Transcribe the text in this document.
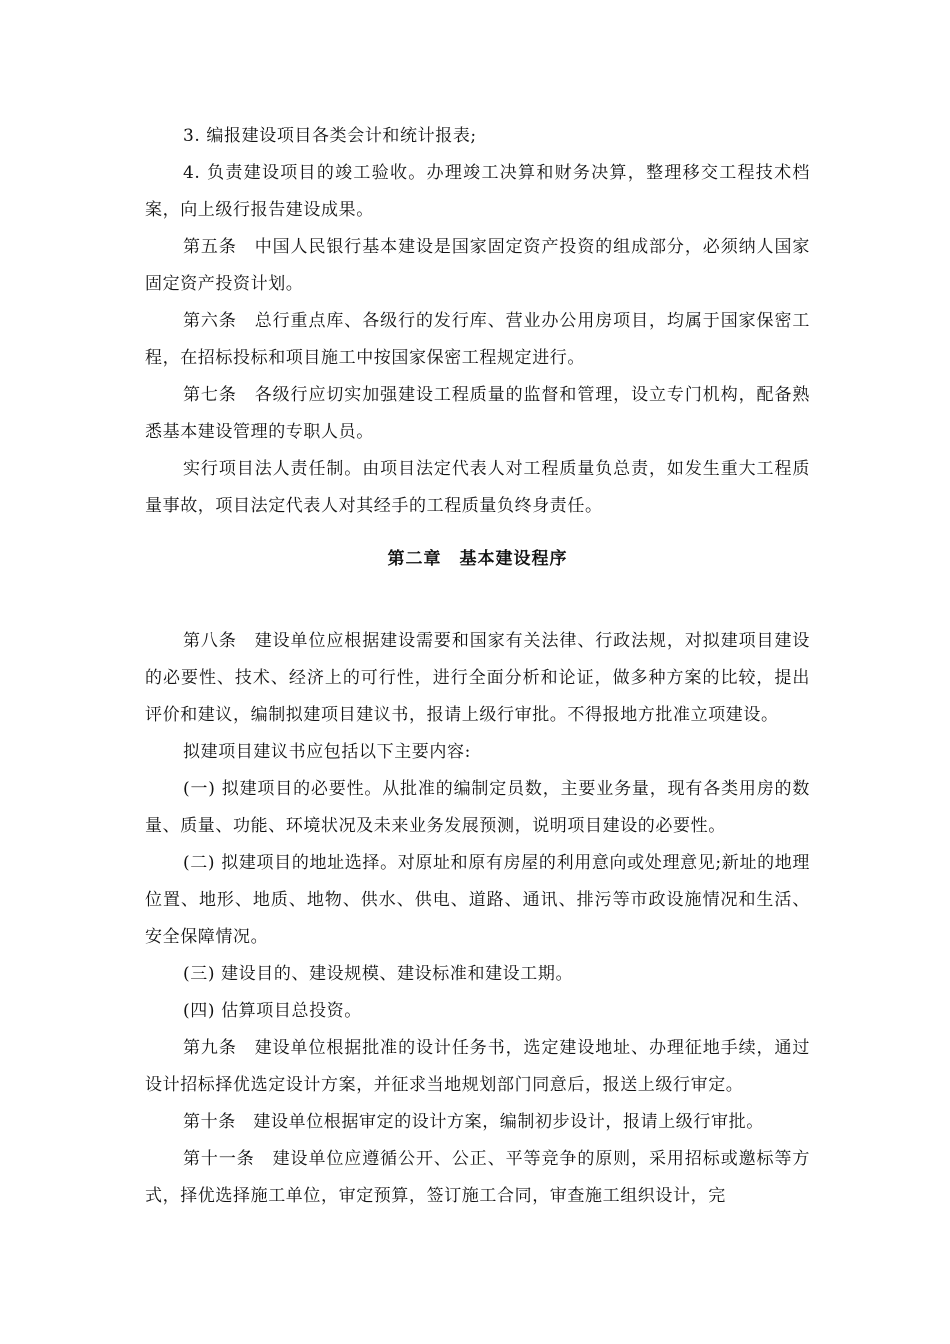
3. 编报建设项目各类会计和统计报表;

4. 负责建设项目的竣工验收。办理竣工决算和财务决算，整理移交工程技术档案，向上级行报告建设成果。

第五条　中国人民银行基本建设是国家固定资产投资的组成部分，必须纳人国家固定资产投资计划。

第六条　总行重点库、各级行的发行库、营业办公用房项目，均属于国家保密工程，在招标投标和项目施工中按国家保密工程规定进行。

第七条　各级行应切实加强建设工程质量的监督和管理，设立专门机构，配备熟悉基本建设管理的专职人员。

实行项目法人责任制。由项目法定代表人对工程质量负总责，如发生重大工程质量事故，项目法定代表人对其经手的工程质量负终身责任。

第二章　基本建设程序

第八条　建设单位应根据建设需要和国家有关法律、行政法规，对拟建项目建设的必要性、技术、经济上的可行性，进行全面分析和论证，做多种方案的比较，提出评价和建议，编制拟建项目建议书，报请上级行审批。不得报地方批准立项建设。

拟建项目建议书应包括以下主要内容:

(一) 拟建项目的必要性。从批准的编制定员数，主要业务量，现有各类用房的数量、质量、功能、环境状况及未来业务发展预测，说明项目建设的必要性。

(二) 拟建项目的地址选择。对原址和原有房屋的利用意向或处理意见;新址的地理位置、地形、地质、地物、供水、供电、道路、通讯、排污等市政设施情况和生活、安全保障情况。

(三) 建设目的、建设规模、建设标准和建设工期。

(四) 估算项目总投资。

第九条　建设单位根据批准的设计任务书，选定建设地址、办理征地手续，通过设计招标择优选定设计方案，并征求当地规划部门同意后，报送上级行审定。

第十条　建设单位根据审定的设计方案，编制初步设计，报请上级行审批。

第十一条　建设单位应遵循公开、公正、平等竞争的原则，采用招标或邀标等方式，择优选择施工单位，审定预算，签订施工合同，审查施工组织设计，完
